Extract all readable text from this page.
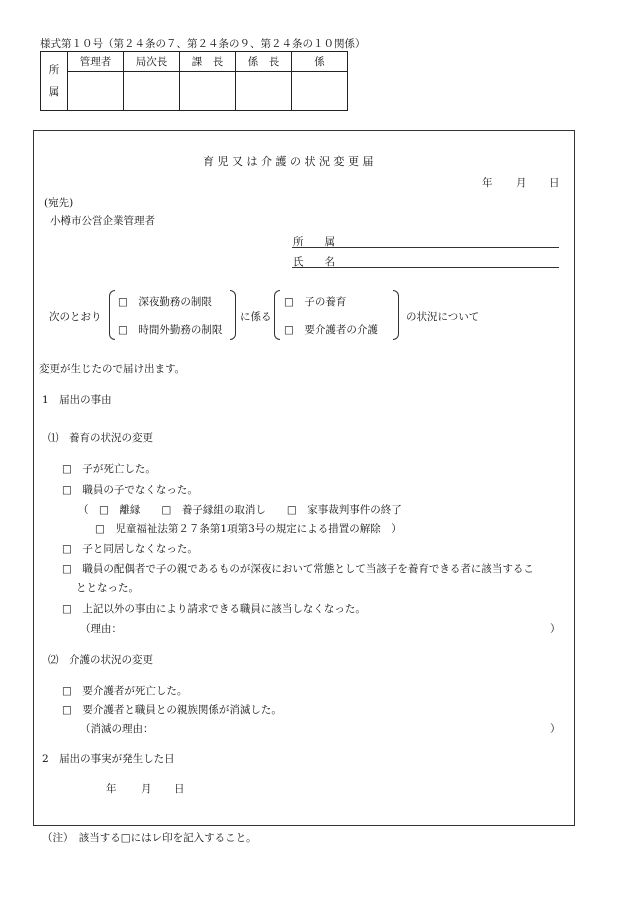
様式第１０号（第２４条の７、第２４条の９、第２４条の１０関係）
所
属	管理者	局次長	課　長	係　長	係

育児又は介護の状況変更届
年 月 日
(宛先)
小樽市公営企業管理者
所　　属
氏　　名
次のとおり
□　深夜勤務の制限
□　時間外勤務の制限
に係る
□　子の養育
□　要介護者の介護
の状況について
変更が生じたので届け出ます。
1　届出の事由
⑴　養育の状況の変更
□　子が死亡した。
□　職員の子でなくなった。
（　□　離縁　　□　養子縁組の取消し　　□　家事裁判事件の終了
□　児童福祉法第２７条第1項第3号の規定による措置の解除　）
□　子と同居しなくなった。
□　職員の配偶者で子の親であるものが深夜において常態として当該子を養育できる者に該当するこ
ととなった。
□　上記以外の事由により請求できる職員に該当しなくなった。
（理由：	）
⑵　介護の状況の変更
□　要介護者が死亡した。
□　要介護者と職員との親族関係が消滅した。
（消滅の理由：	）
2　届出の事実が発生した日
年 月 日
（注）　該当する□にはレ印を記入すること。
